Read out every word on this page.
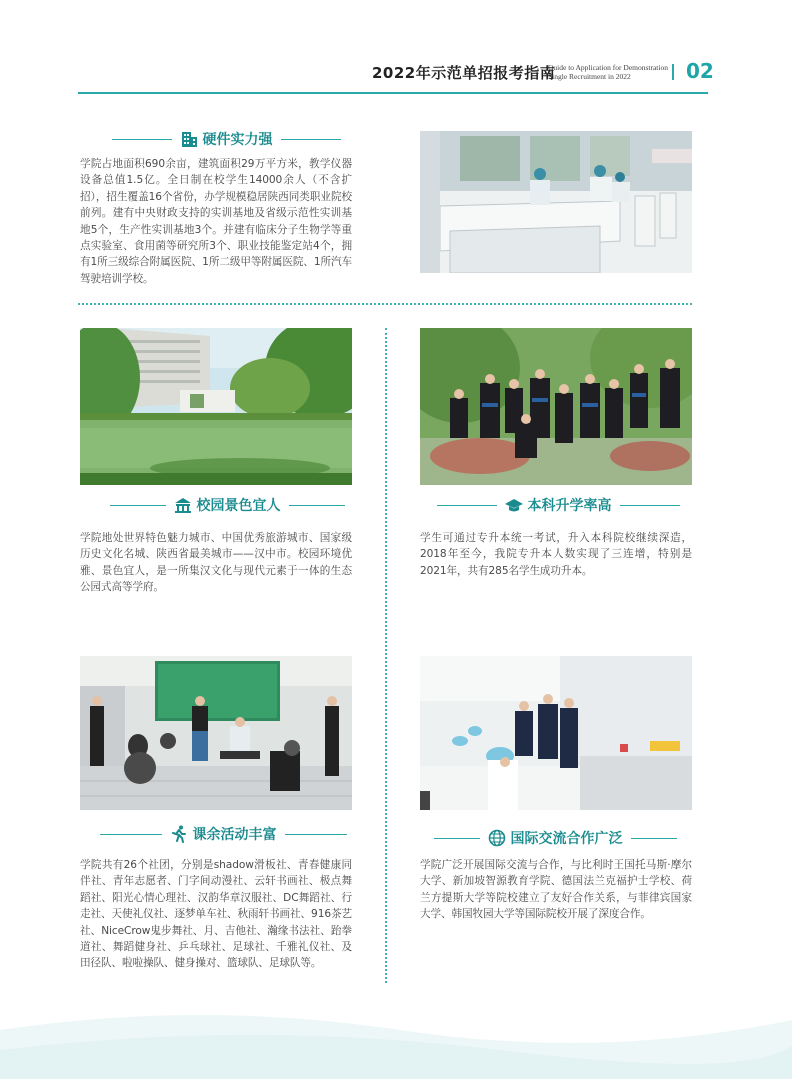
2022年示范单招报考指南
Guide to Application for Demonstration
Single Recruitment in 2022	02
硬件实力强
学院占地面积690余亩，建筑面积29万平方米，教学仪器设备总值1.5亿。全日制在校学生14000余人（不含扩招），招生覆盖16个省份，办学规模稳居陕西同类职业院校前列。建有中央财政支持的实训基地及省级示范性实训基地5个，生产性实训基地3个。并建有临床分子生物学等重点实验室、食用菌等研究所3个、职业技能鉴定站4个，拥有1所三级综合附属医院、1所二级甲等附属医院、1所汽车驾驶培训学校。
校园景色宜人
学院地处世界特色魅力城市、中国优秀旅游城市、国家级历史文化名城、陕西省最美城市——汉中市。校园环境优雅、景色宜人，是一所集汉文化与现代元素于一体的生态公园式高等学府。
本科升学率高
学生可通过专升本统一考试，升入本科院校继续深造，2018年至今，我院专升本人数实现了三连增，特别是2021年，共有285名学生成功升本。
课余活动丰富
学院共有26个社团，分别是shadow滑板社、青春健康同伴社、青年志愿者、门字间动漫社、云轩书画社、极点舞蹈社、阳光心情心理社、汉韵华章汉服社、DC舞蹈社、行走社、天使礼仪社、逐梦单车社、秋雨轩书画社、916茶艺社、NiceCrow鬼步舞社、月、吉他社、瀚缘书法社、跆拳道社、舞蹈健身社、乒乓球社、足球社、千雅礼仪社、及田径队、啦啦操队、健身操对、篮球队、足球队等。
国际交流合作广泛
学院广泛开展国际交流与合作，与比利时王国托马斯·摩尔大学、新加坡智源教育学院、德国法兰克福护士学校、荷兰方提斯大学等院校建立了友好合作关系，与菲律宾国家大学、韩国牧园大学等国际院校开展了深度合作。
